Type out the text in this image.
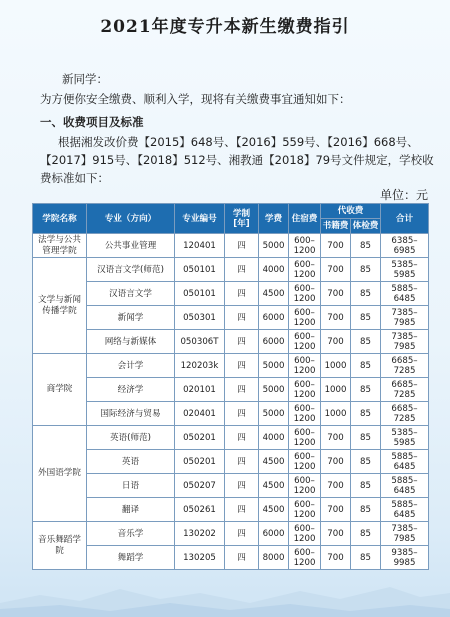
2021年度专升本新生缴费指引
新同学：
为方便你安全缴费、顺利入学，现将有关缴费事宜通知如下：
一、收费项目及标准
根据湘发改价费【2015】648号、【2016】559号、【2016】668号、
【2017】915号、【2018】512号、湘教通【2018】79号文件规定，学校收
费标准如下：
单位：元
学院名称	专业（方向）	专业编号	学制[年]	学费	住宿费	代收费		合计
						书籍费	体检费	
法学与公共管理学院	公共事业管理	120401	四	5000	600–1200	700	85	6385–6985
文学与新闻传播学院	汉语言文学(师范)	050101	四	4000	600–1200	700	85	5385–5985
	汉语言文学	050101	四	4500	600–1200	700	85	5885–6485
	新闻学	050301	四	6000	600–1200	700	85	7385–7985
	网络与新媒体	050306T	四	6000	600–1200	700	85	7385–7985
商学院	会计学	120203k	四	5000	600–1200	1000	85	6685–7285
	经济学	020101	四	5000	600–1200	1000	85	6685–7285
	国际经济与贸易	020401	四	5000	600–1200	1000	85	6685–7285
外国语学院	英语(师范)	050201	四	4000	600–1200	700	85	5385–5985
	英语	050201	四	4500	600–1200	700	85	5885–6485
	日语	050207	四	4500	600–1200	700	85	5885–6485
	翻译	050261	四	4500	600–1200	700	85	5885–6485
音乐舞蹈学院	音乐学	130202	四	6000	600–1200	700	85	7385–7985
	舞蹈学	130205	四	8000	600–1200	700	85	9385–9985
